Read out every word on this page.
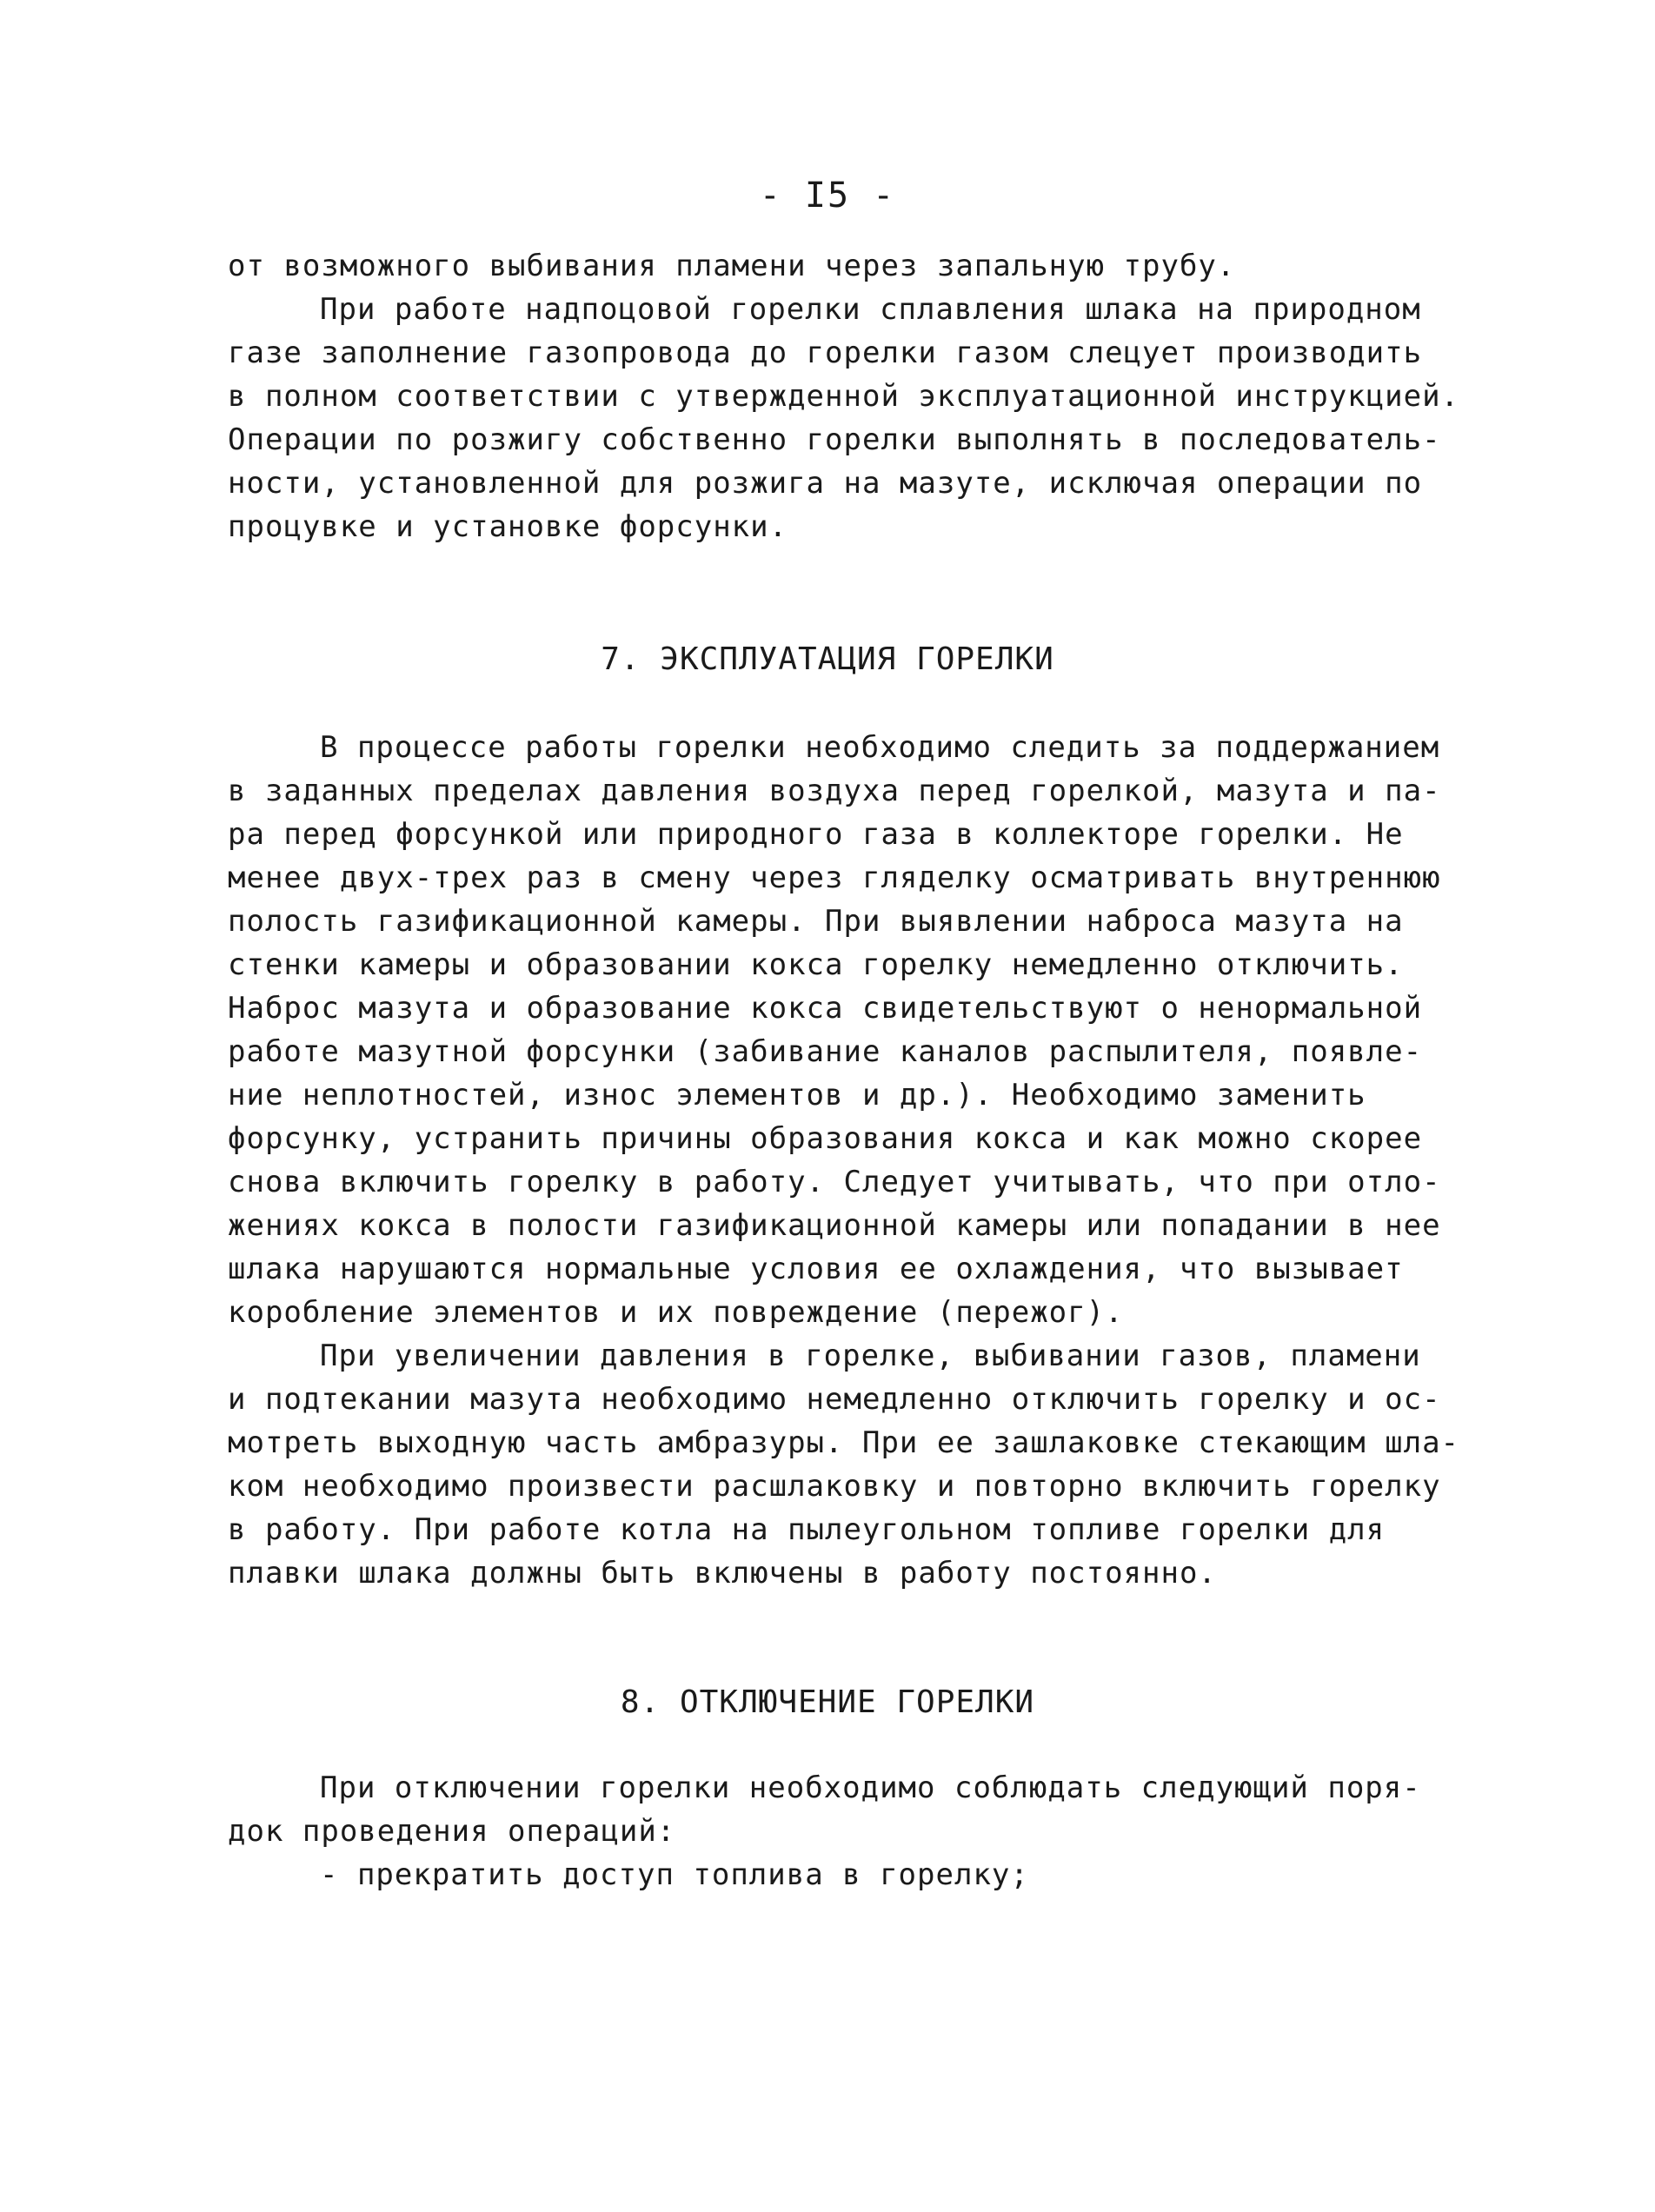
- I5 -
от возможного выбивания пламени через запальную трубу.
При работе надпоцовой горелки сплавления шлака на природном
газе заполнение газопровода до горелки газом слецует производить
в полном соответствии с утвержденной эксплуатационной инструкцией.
Операции по розжигу собственно горелки выполнять в последователь-
ности, установленной для розжига на мазуте, исключая операции по
процувке и установке форсунки.
7. ЭКСПЛУАТАЦИЯ ГОРЕЛКИ
В процессе работы горелки необходимо следить за поддержанием
в заданных пределах давления воздуха перед горелкой, мазута и па-
ра перед форсункой или природного газа в коллекторе горелки. Не
менее двух-трех раз в смену через гляделку осматривать внутреннюю
полость газификационной камеры. При выявлении наброса мазута на
стенки камеры и образовании кокса горелку немедленно отключить.
Наброс мазута и образование кокса свидетельствуют о ненормальной
работе мазутной форсунки (забивание каналов распылителя, появле-
ние неплотностей, износ элементов и др.). Необходимо заменить
форсунку, устранить причины образования кокса и как можно скорее
снова включить горелку в работу. Следует учитывать, что при отло-
жениях кокса в полости газификационной камеры или попадании в нее
шлака нарушаются нормальные условия ее охлаждения, что вызывает
коробление элементов и их повреждение (пережог).
При увеличении давления в горелке, выбивании газов, пламени
и подтекании мазута необходимо немедленно отключить горелку и ос-
мотреть выходную часть амбразуры. При ее зашлаковке стекающим шла-
ком необходимо произвести расшлаковку и повторно включить горелку
в работу. При работе котла на пылеугольном топливе горелки для
плавки шлака должны быть включены в работу постоянно.
8. ОТКЛЮЧЕНИЕ ГОРЕЛКИ
При отключении горелки необходимо соблюдать следующий поря-
док проведения операций:
- прекратить доступ топлива в горелку;
